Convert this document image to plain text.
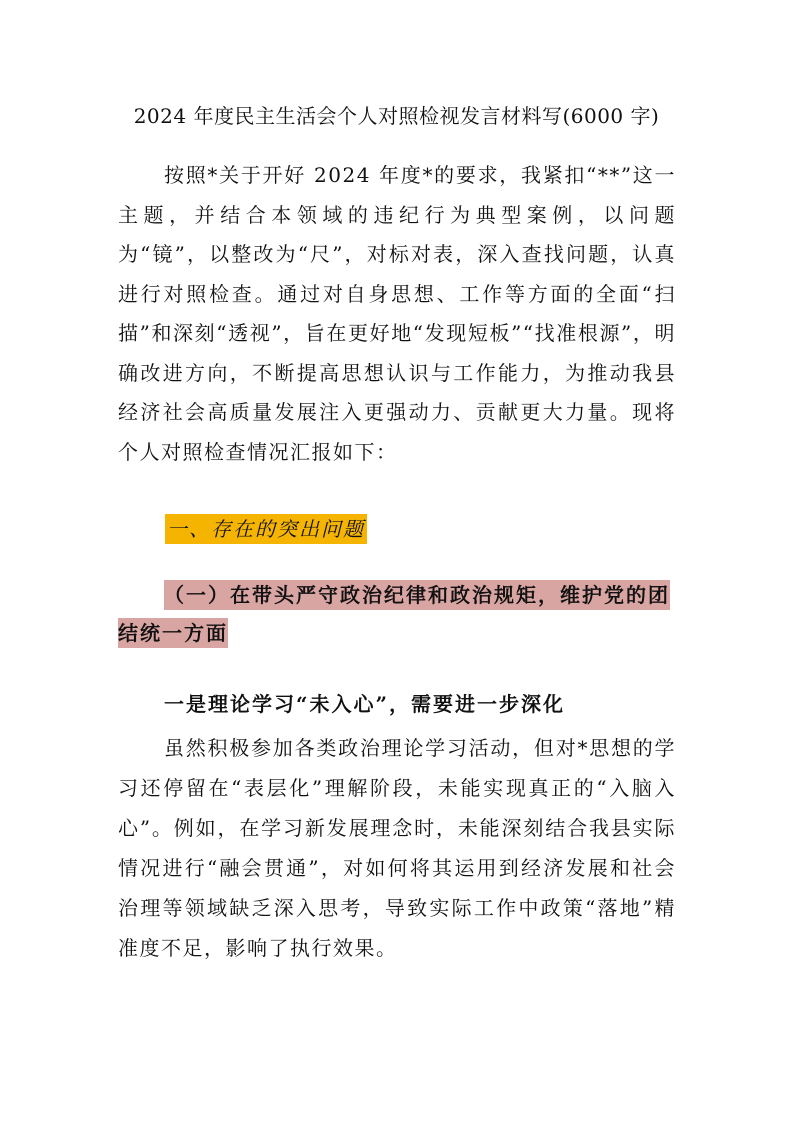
2024 年度民主生活会个人对照检视发言材料写(6000 字)
按照*关于开好 2024 年度*的要求，我紧扣“**”这一主题，并结合本领域的违纪行为典型案例，以问题为“镜”，以整改为“尺”，对标对表，深入查找问题，认真进行对照检查。通过对自身思想、工作等方面的全面“扫描”和深刻“透视”，旨在更好地“发现短板”“找准根源”，明确改进方向，不断提高思想认识与工作能力，为推动我县经济社会高质量发展注入更强动力、贡献更大力量。现将个人对照检查情况汇报如下：
一、存在的突出问题
（一）在带头严守政治纪律和政治规矩，维护党的团
结统一方面
一是理论学习“未入心”，需要进一步深化
虽然积极参加各类政治理论学习活动，但对*思想的学习还停留在“表层化”理解阶段，未能实现真正的“入脑入心”。例如，在学习新发展理念时，未能深刻结合我县实际情况进行“融会贯通”，对如何将其运用到经济发展和社会治理等领域缺乏深入思考，导致实际工作中政策“落地”精准度不足，影响了执行效果。
